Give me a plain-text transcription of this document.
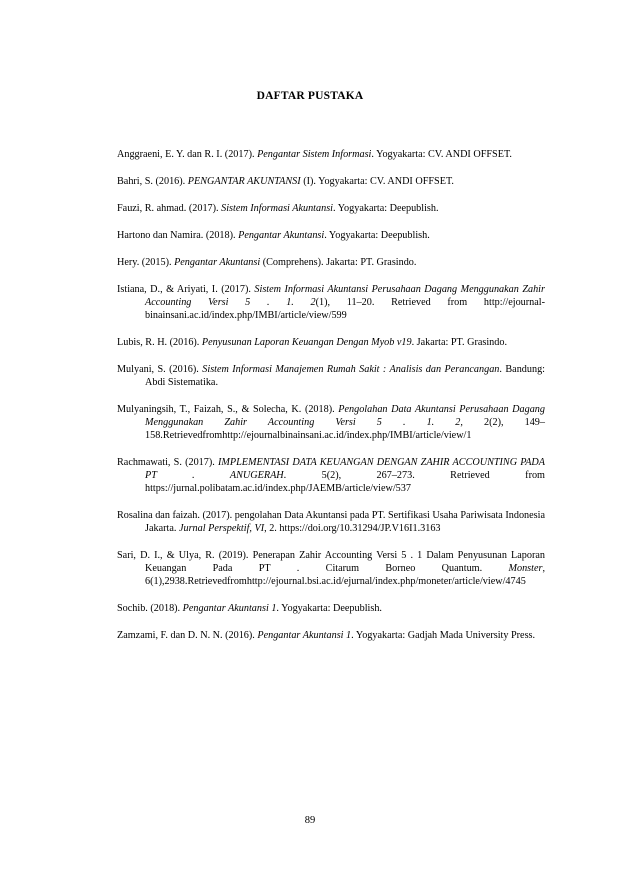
DAFTAR PUSTAKA
Anggraeni, E. Y. dan R. I. (2017). Pengantar Sistem Informasi. Yogyakarta: CV. ANDI OFFSET.
Bahri, S. (2016). PENGANTAR AKUNTANSI (I). Yogyakarta: CV. ANDI OFFSET.
Fauzi, R. ahmad. (2017). Sistem Informasi Akuntansi. Yogyakarta: Deepublish.
Hartono dan Namira. (2018). Pengantar Akuntansi. Yogyakarta: Deepublish.
Hery. (2015). Pengantar Akuntansi (Comprehens). Jakarta: PT. Grasindo.
Istiana, D., & Ariyati, I. (2017). Sistem Informasi Akuntansi Perusahaan Dagang Menggunakan Zahir Accounting Versi 5 . 1. 2(1), 11–20. Retrieved from http://ejournal-binainsani.ac.id/index.php/IMBI/article/view/599
Lubis, R. H. (2016). Penyusunan Laporan Keuangan Dengan Myob v19. Jakarta: PT. Grasindo.
Mulyani, S. (2016). Sistem Informasi Manajemen Rumah Sakit : Analisis dan Perancangan. Bandung: Abdi Sistematika.
Mulyaningsih, T., Faizah, S., & Solecha, K. (2018). Pengolahan Data Akuntansi Perusahaan Dagang Menggunakan Zahir Accounting Versi 5 . 1. 2, 2(2), 149–158.Retrievedfromhttp://ejournalbinainsani.ac.id/index.php/IMBI/article/view/1
Rachmawati, S. (2017). IMPLEMENTASI DATA KEUANGAN DENGAN ZAHIR ACCOUNTING PADA PT . ANUGERAH. 5(2), 267–273. Retrieved from https://jurnal.polibatam.ac.id/index.php/JAEMB/article/view/537
Rosalina dan faizah. (2017). pengolahan Data Akuntansi pada PT. Sertifikasi Usaha Pariwisata Indonesia Jakarta. Jurnal Perspektif, VI, 2. https://doi.org/10.31294/JP.V16I1.3163
Sari, D. I., & Ulya, R. (2019). Penerapan Zahir Accounting Versi 5 . 1 Dalam Penyusunan Laporan Keuangan Pada PT . Citarum Borneo Quantum. Monster, 6(1),2938.Retrievedfromhttp://ejournal.bsi.ac.id/ejurnal/index.php/moneter/article/view/4745
Sochib. (2018). Pengantar Akuntansi 1. Yogyakarta: Deepublish.
Zamzami, F. dan D. N. N. (2016). Pengantar Akuntansi 1. Yogyakarta: Gadjah Mada University Press.
89
